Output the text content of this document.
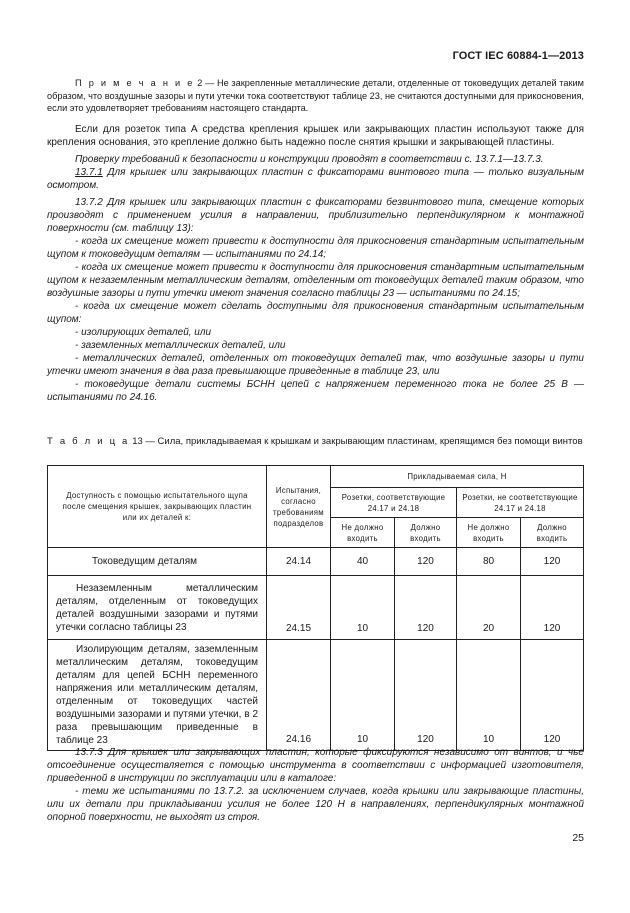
ГОСТ IEC 60884-1—2013

П р и м е ч а н и е 2 — Не закрепленные металлические детали, отделенные от токоведущих деталей таким образом, что воздушные зазоры и пути утечки тока соответствуют таблице 23, не считаются доступными для прикосновения, если это удовлетворяет требованиям настоящего стандарта.

Если для розеток типа А средства крепления крышек или закрывающих пластин используют также для крепления основания, это крепление должно быть надежно после снятия крышки и закрывающей пластины.

Проверку требований к безопасности и конструкции проводят в соответствии с. 13.7.1—13.7.3.

13.7.1 Для крышек или закрывающих пластин с фиксаторами винтового типа — только визуальным осмотром.

13.7.2 Для крышек или закрывающих пластин с фиксаторами безвинтового типа, смещение которых производят с применением усилия в направлении, приблизительно перпендикулярном к монтажной поверхности (см. таблицу 13):

- когда их смещение может привести к доступности для прикосновения стандартным испытательным щупом к токоведущим деталям — испытаниями по 24.14;

- когда их смещение может привести к доступности для прикосновения стандартным испытательным щупом к незаземленным металлическим деталям, отделенным от токоведущих деталей таким образом, что воздушные зазоры и пути утечки имеют значения согласно таблицы 23 — испытаниями по 24.15;

- когда их смещение может сделать доступными для прикосновения стандартным испытательным щупом:

- изолирующих деталей, или

- заземленных металлических деталей, или

- металлических деталей, отделенных от токоведущих деталей так, что воздушные зазоры и пути утечки имеют значения в два раза превышающие приведенные в таблице 23, или

- токоведущие детали системы БСНН цепей с напряжением переменного тока не более 25 В — испытаниями по 24.16.

Т а б л и ц а 13 — Сила, прикладываемая к крышкам и закрывающим пластинам, крепящимся без помощи винтов
Доступность с помощью испытательного щупа после смещения крышек, закрывающих пластин или их деталей к:	Испытания, согласно требованиям подразделов	Прикладываемая сила, Н			
		Розетки, соответствующие 24.17 и 24.18		Розетки, не соответствующие 24.17 и 24.18	
		Не должно входить	Должно входить	Не должно входить	Должно входить
Токоведущим деталям	24.14	40	120	80	120
Незаземленным металлическим деталям, отделенным от токоведущих деталей воздушными зазорами и путями утечки согласно таблицы 23	24.15	10	120	20	120
Изолирующим деталям, заземленным металлическим деталям, токоведущим деталям для цепей БСНН переменного напряжения или металлическим деталям, отделенным от токоведущих частей воздушными зазорами и путями утечки, в 2 раза превышающим приведенные в таблице 23	24.16	10	120	10	120

13.7.3 Для крышек или закрывающих пластин, которые фиксируются независимо от винтов, и чье отсоединение осуществляется с помощью инструмента в соответствии с информацией изготовителя, приведенной в инструкции по эксплуатации или в каталоге:

- теми же испытаниями по 13.7.2. за исключением случаев, когда крышки или закрывающие пластины, или их детали при прикладывании усилия не более 120 Н в направлениях, перпендикулярных монтажной опорной поверхности, не выходят из строя.

25
